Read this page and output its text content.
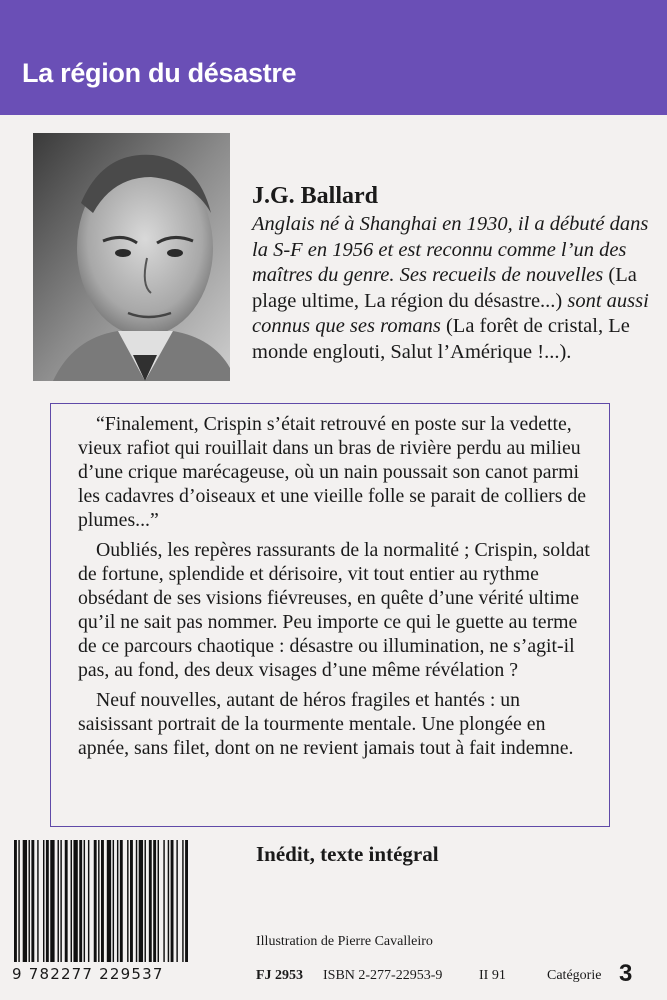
La région du désastre
J.G. Ballard
Anglais né à Shanghai en 1930, il a débuté dans la S-F en 1956 et est reconnu comme l’un des maîtres du genre. Ses recueils de nouvelles (La plage ultime, La région du désastre...) sont aussi connus que ses romans (La forêt de cristal, Le monde englouti, Salut l’Amérique !...).

“Finalement, Crispin s’était retrouvé en poste sur la vedette, vieux rafiot qui rouillait dans un bras de rivière perdu au milieu d’une crique marécageuse, où un nain poussait son canot parmi les cadavres d’oiseaux et une vieille folle se parait de colliers de plumes...”

Oubliés, les repères rassurants de la normalité ; Crispin, soldat de fortune, splendide et dérisoire, vit tout entier au rythme obsédant de ses visions fiévreuses, en quête d’une vérité ultime qu’il ne sait pas nommer. Peu importe ce qui le guette au terme de ce parcours chaotique : désastre ou illumination, ne s’agit-il pas, au fond, des deux visages d’une même révélation ?

Neuf nouvelles, autant de héros fragiles et hantés : un saisissant portrait de la tourmente mentale. Une plongée en apnée, sans filet, dont on ne revient jamais tout à fait indemne.

9 782277 229537
Inédit, texte intégral
Illustration de Pierre Cavalleiro
FJ 2953 ISBN 2-277-22953-9	II 91	Catégorie 3
